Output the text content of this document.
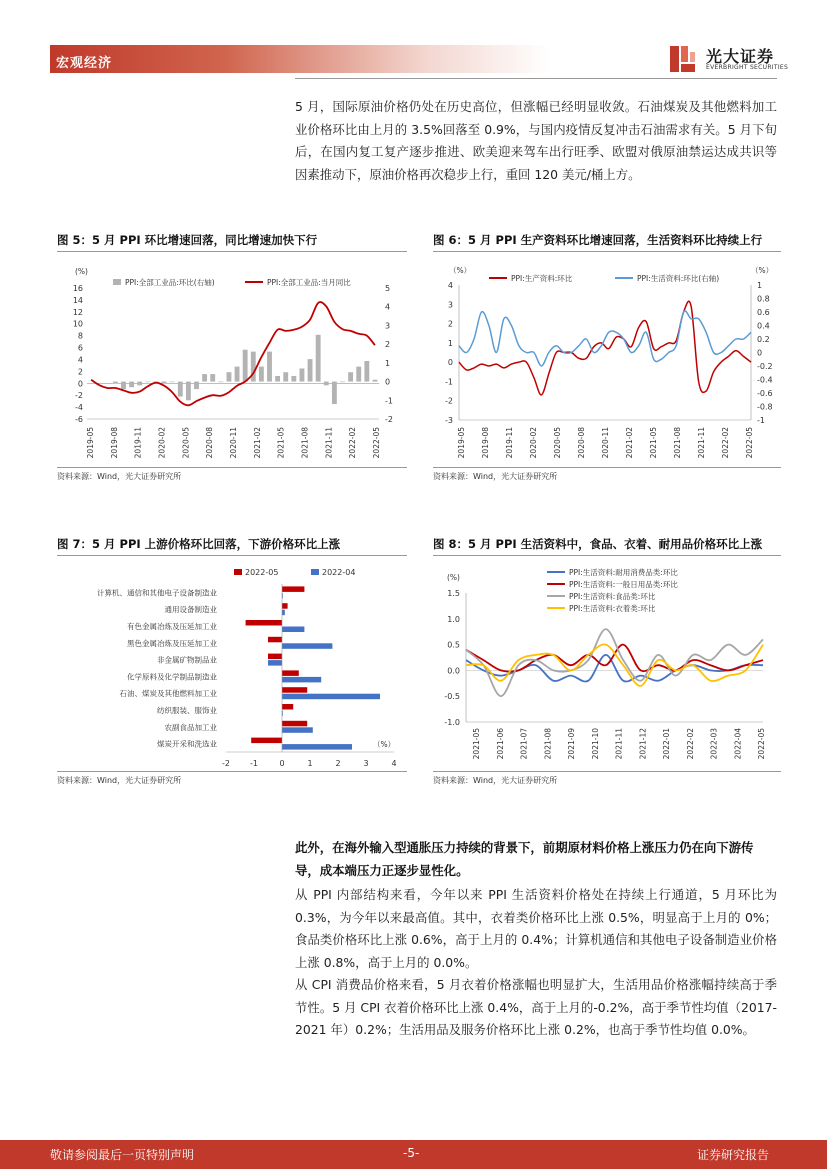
宏观经济	光大证券
EVERBRIGHT SECURITIES
5 月，国际原油价格仍处在历史高位，但涨幅已经明显收敛。石油煤炭及其他燃料加工业价格环比由上月的 3.5%回落至 0.9%，与国内疫情反复冲击石油需求有关。5 月下旬后，在国内复工复产逐步推进、欧美迎来驾车出行旺季、欧盟对俄原油禁运达成共识等因素推动下，原油价格再次稳步上行，重回 120 美元/桶上方。
图 5：5 月 PPI 环比增速回落，同比增速加快下行
(%)
16
14
12
10
8
6
4
2
0
-2
-4
-6
5
4
3
2
1
0
-1
-2
2019-05 2019-08 2019-11 2020-02 2020-05 2020-08 2020-11 2021-02 2021-05 2021-08 2021-11 2022-02 2022-05
PPI:全部工业品:环比(右轴)	PPI:全部工业品:当月同比
资料来源：Wind，光大证券研究所
图 6：5 月 PPI 生产资料环比增速回落，生活资料环比持续上行
（%）	（%）
4
3
2
1
0
-1
-2
-3
1
0.8
0.6
0.4
0.2
0
-0.2
-0.4
-0.6
-0.8
-1
2019-05 2019-08 2019-11 2020-02 2020-05 2020-08 2020-11 2021-02 2021-05 2021-08 2021-11 2022-02 2022-05
PPI:生产资料:环比	PPI:生活资料:环比(右轴)
资料来源：Wind，光大证券研究所
图 7：5 月 PPI 上游价格环比回落，下游价格环比上涨
2022-05	2022-04
计算机、通信和其他电子设备制造业
通用设备制造业
有色金属冶炼及压延加工业
黑色金属冶炼及压延加工业
非金属矿物制品业
化学原料及化学制品制造业
石油、煤炭及其他燃料加工业
纺织服装、服饰业
农副食品加工业
煤炭开采和洗选业
-2	-1	0	1	2	3	4
（%）
资料来源：Wind，光大证券研究所
图 8：5 月 PPI 生活资料中，食品、衣着、耐用品价格环比上涨
(%)
1.5
1.0
0.5
0.0
-0.5
-1.0
PPI:生活资料:耐用消费品类:环比
PPI:生活资料:一般日用品类:环比
PPI:生活资料:食品类:环比
PPI:生活资料:衣着类:环比
2021-05 2021-06 2021-07 2021-08 2021-09 2021-10 2021-11 2021-12 2022-01 2022-02 2022-03 2022-04 2022-05
资料来源：Wind，光大证券研究所
此外，在海外输入型通胀压力持续的背景下，前期原材料价格上涨压力仍在向下游传导，成本端压力正逐步显性化。
从 PPI 内部结构来看，今年以来 PPI 生活资料价格处在持续上行通道，5 月环比为 0.3%，为今年以来最高值。其中，衣着类价格环比上涨 0.5%，明显高于上月的 0%；食品类价格环比上涨 0.6%，高于上月的 0.4%；计算机通信和其他电子设备制造业价格上涨 0.8%，高于上月的 0.0%。
从 CPI 消费品价格来看，5 月衣着价格涨幅也明显扩大，生活用品价格涨幅持续高于季节性。5 月 CPI 衣着价格环比上涨 0.4%，高于上月的-0.2%，高于季节性均值（2017-2021 年）0.2%；生活用品及服务价格环比上涨 0.2%，也高于季节性均值 0.0%。
敬请参阅最后一页特别声明	-5-	证券研究报告
